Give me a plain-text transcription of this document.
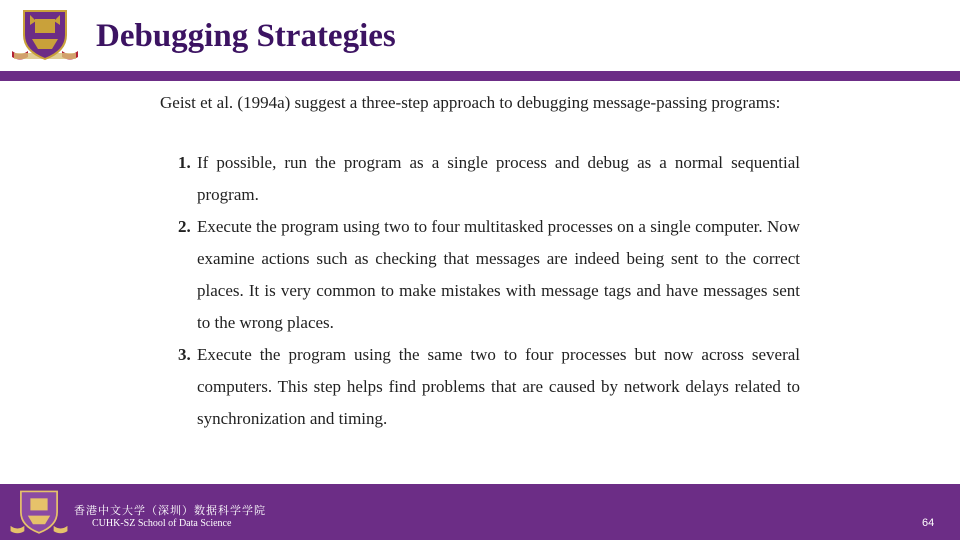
Debugging Strategies

Geist et al. (1994a) suggest a three-step approach to debugging message-passing programs:

1. If possible, run the program as a single process and debug as a normal sequential program.
2. Execute the program using two to four multitasked processes on a single computer. Now examine actions such as checking that messages are indeed being sent to the correct places. It is very common to make mistakes with message tags and have messages sent to the wrong places.
3. Execute the program using the same two to four processes but now across several computers. This step helps find problems that are caused by network delays related to synchronization and timing.
香港中文大学（深圳）数据科学学院
CUHK-SZ School of Data Science	64
